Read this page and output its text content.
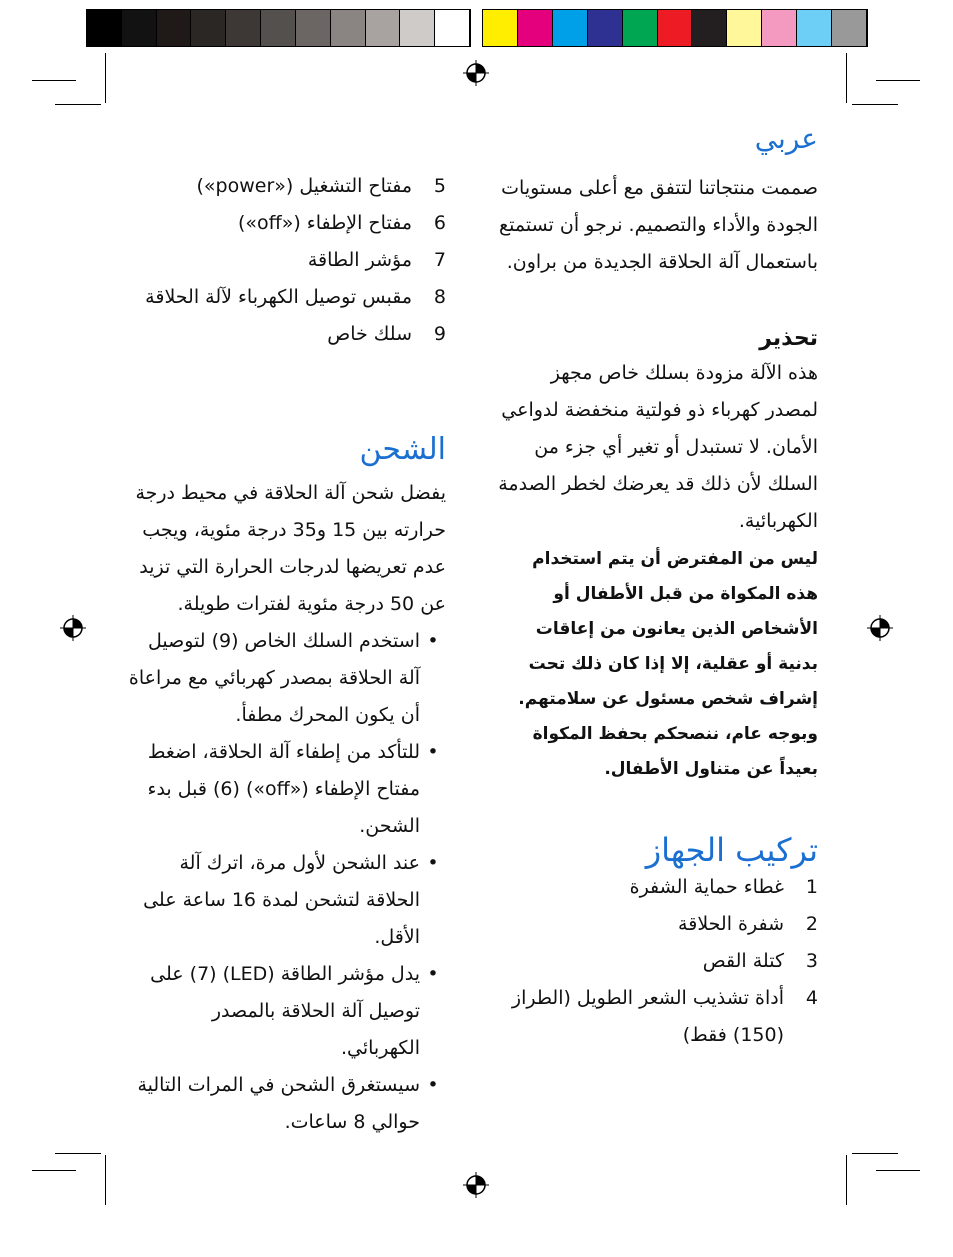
عربي

صممت منتجاتنا لتتفق مع أعلى مستويات الجودة والأداء والتصميم. نرجو أن تستمتع باستعمال آلة الحلاقة الجديدة من براون.

تحذير

هذه الآلة مزودة بسلك خاص مجهز لمصدر كهرباء ذو فولتية منخفضة لدواعي الأمان. لا تستبدل أو تغير أي جزء من السلك لأن ذلك قد يعرضك لخطر الصدمة الكهربائية.

ليس من المفترض أن يتم استخدام هذه المكواة من قبل الأطفال أو الأشخاص الذين يعانون من إعاقات بدنية أو عقلية، إلا إذا كان ذلك تحت إشراف شخص مسئول عن سلامتهم. وبوجه عام، ننصحكم بحفظ المكواة بعيداً عن متناول الأطفال.

تركيب الجهاز
1
غطاء حماية الشفرة
2
شفرة الحلاقة
3
كتلة القص
4
أداة تشذيب الشعر الطويل (الطراز (150) فقط)
5
مفتاح التشغيل («power»)
6
مفتاح الإطفاء («off»)
7
مؤشر الطاقة
8
مقبس توصيل الكهرباء لآلة الحلاقة
9
سلك خاص
الشحن

يفضل شحن آلة الحلاقة في محيط درجة حرارته بين 15 و35 درجة مئوية، ويجب عدم تعريضها لدرجات الحرارة التي تزيد عن 50 درجة مئوية لفترات طويلة.

•
استخدم السلك الخاص (9) لتوصيل آلة الحلاقة بمصدر كهربائي مع مراعاة أن يكون المحرك مطفأ.
•
للتأكد من إطفاء آلة الحلاقة، اضغط مفتاح الإطفاء («off») (6) قبل بدء الشحن.
•
عند الشحن لأول مرة، اترك آلة الحلاقة لتشحن لمدة 16 ساعة على الأقل.
•
يدل مؤشر الطاقة (LED) (7) على توصيل آلة الحلاقة بالمصدر الكهربائي.
•
سيستغرق الشحن في المرات التالية حوالي 8 ساعات.
